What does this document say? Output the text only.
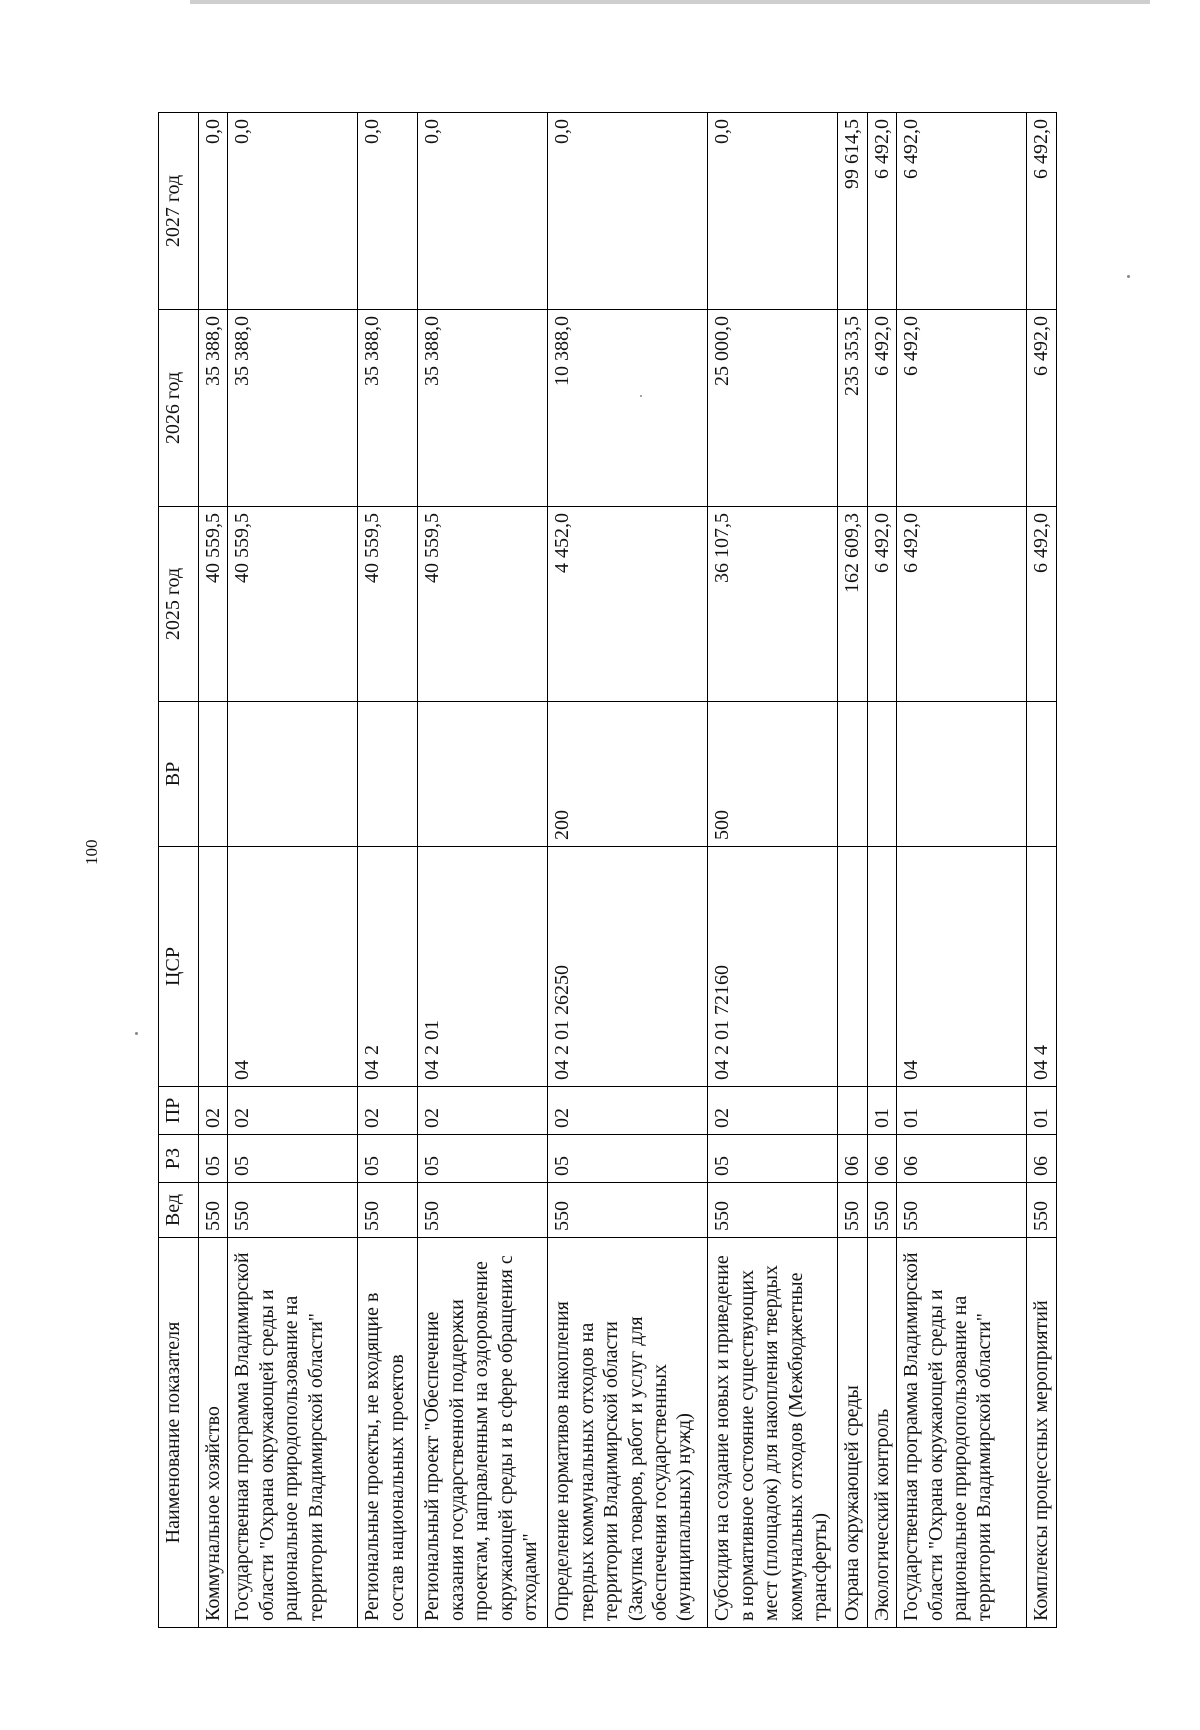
100
Наименование показателя	Вед	РЗ	ПР	ЦСР	ВР	2025 год	2026 год	2027 год
Коммунальное хозяйство	550	05	02			40 559,5	35 388,0	0,0
Государственная программа Владимирской области "Охрана окружающей среды и рациональное природопользование на территории Владимирской области"	550	05	02	04		40 559,5	35 388,0	0,0
Региональные проекты, не входящие в состав национальных проектов	550	05	02	04 2		40 559,5	35 388,0	0,0
Региональный проект "Обеспечение оказания государственной поддержки проектам, направленным на оздоровление окружающей среды и в сфере обращения с отходами"	550	05	02	04 2 01		40 559,5	35 388,0	0,0
Определение нормативов накопления твердых коммунальных отходов на территории Владимирской области (Закупка товаров, работ и услуг для обеспечения государственных (муниципальных) нужд)	550	05	02	04 2 01 26250	200	4 452,0	10 388,0	0,0
Субсидия на создание новых и приведение в нормативное состояние существующих мест (площадок) для накопления твердых коммунальных отходов (Межбюджетные трансферты)	550	05	02	04 2 01 72160	500	36 107,5	25 000,0	0,0
Охрана окружающей среды	550	06				162 609,3	235 353,5	99 614,5
Экологический контроль	550	06	01			6 492,0	6 492,0	6 492,0
Государственная программа Владимирской области "Охрана окружающей среды и рациональное природопользование на территории Владимирской области"	550	06	01	04		6 492,0	6 492,0	6 492,0
Комплексы процессных мероприятий	550	06	01	04 4		6 492,0	6 492,0	6 492,0
